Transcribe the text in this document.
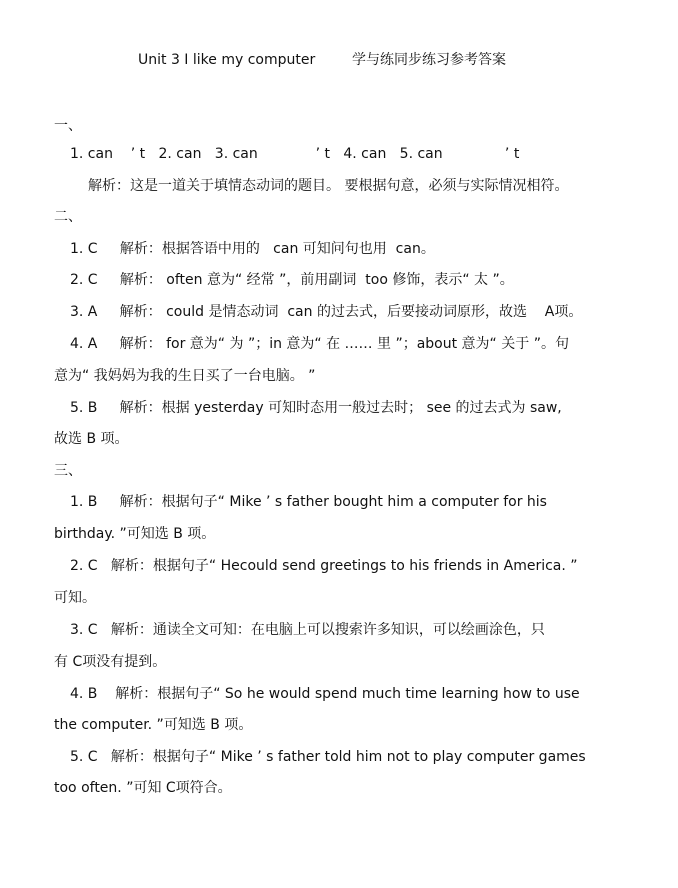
Unit 3 I like my computer	学与练同步练习参考答案
一、
1. can    ’ t   2. can   3. can             ’ t   4. can   5. can              ’ t
解析：这是一道关于填情态动词的题目。 要根据句意，必须与实际情况相符。
二、
1. C     解析：根据答语中用的   can 可知问句也用  can。
2. C     解析： often 意为“ 经常 ”，前用副词  too 修饰，表示“ 太 ”。
3. A     解析： could 是情态动词  can 的过去式，后要接动词原形，故选    A项。
4. A     解析： for 意为“ 为 ”；in 意为“ 在 …… 里 ”；about 意为“ 关于 ”。句
意为“ 我妈妈为我的生日买了一台电脑。 ”
5. B     解析：根据 yesterday 可知时态用一般过去时； see 的过去式为 saw,
故选 B 项。
三、
1. B     解析：根据句子“ Mike ’ s father bought him a computer for his
birthday. ”可知选 B 项。
2. C   解析：根据句子“ Hecould send greetings to his friends in America. ”
可知。
3. C   解析：通读全文可知：在电脑上可以搜索许多知识，可以绘画涂色，只
有 C项没有提到。
4. B    解析：根据句子“ So he would spend much time learning how to use
the computer. ”可知选 B 项。
5. C   解析：根据句子“ Mike ’ s father told him not to play computer games
too often. ”可知 C项符合。
